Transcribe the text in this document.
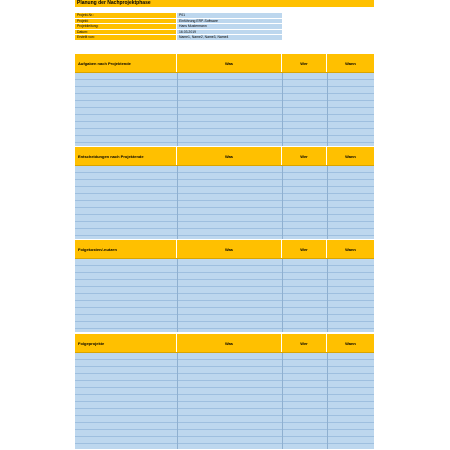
Planung der Nachprojektphase
Projekt-Nr.:	P01
Projekt:	Einführung ERP-Software
Projektleitung:	Hans Mustermann
Datum:	16.03.2019
Erstellt von:	Name1, Name2, Name3, Name4
Aufgaben nach Projektende	Was	Wer	Wann
Entscheidungen nach Projektende	Was	Wer	Wann
Folgekosten/-nutzen	Was	Wer	Wann
Folgeprojekte	Was	Wer	Wann
